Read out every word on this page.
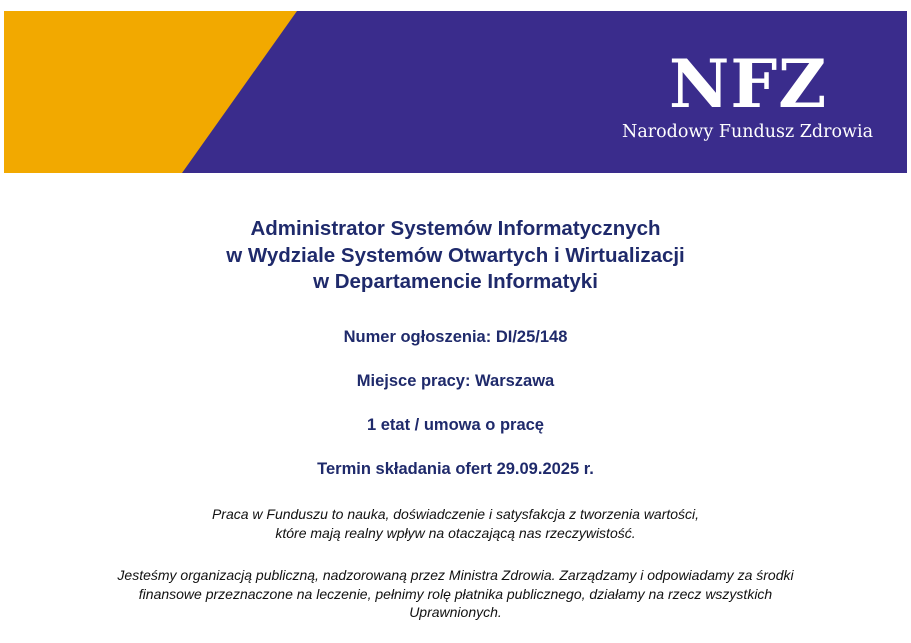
NFZ
Narodowy Fundusz Zdrowia
Administrator Systemów Informatycznych
w Wydziale Systemów Otwartych i Wirtualizacji
w Departamencie Informatyki
Numer ogłoszenia: DI/25/148
Miejsce pracy: Warszawa
1 etat / umowa o pracę
Termin składania ofert 29.09.2025 r.
Praca w Funduszu to nauka, doświadczenie i satysfakcja z tworzenia wartości,
które mają realny wpływ na otaczającą nas rzeczywistość.
Jesteśmy organizacją publiczną, nadzorowaną przez Ministra Zdrowia. Zarządzamy i odpowiadamy za środki
finansowe przeznaczone na leczenie, pełnimy rolę płatnika publicznego, działamy na rzecz wszystkich
Uprawnionych.
